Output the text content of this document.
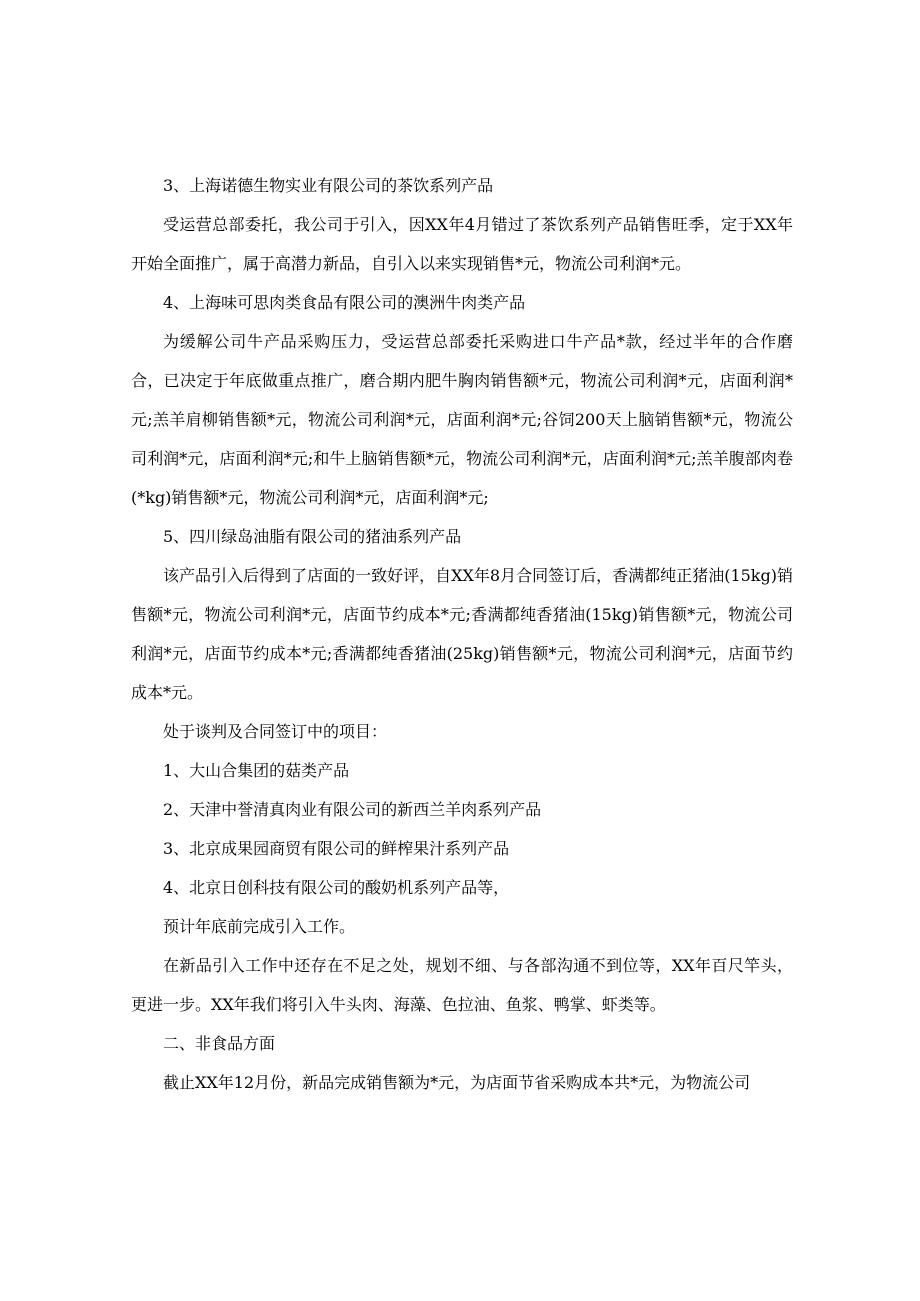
3、上海诺德生物实业有限公司的茶饮系列产品

受运营总部委托，我公司于引入，因XX年4月错过了茶饮系列产品销售旺季，定于XX年开始全面推广，属于高潜力新品，自引入以来实现销售*元，物流公司利润*元。

4、上海味可思肉类食品有限公司的澳洲牛肉类产品

为缓解公司牛产品采购压力，受运营总部委托采购进口牛产品*款，经过半年的合作磨合，已决定于年底做重点推广，磨合期内肥牛胸肉销售额*元，物流公司利润*元，店面利润*元;羔羊肩柳销售额*元，物流公司利润*元，店面利润*元;谷饲200天上脑销售额*元，物流公司利润*元，店面利润*元;和牛上脑销售额*元，物流公司利润*元，店面利润*元;羔羊腹部肉卷(*kg)销售额*元，物流公司利润*元，店面利润*元;

5、四川绿岛油脂有限公司的猪油系列产品

该产品引入后得到了店面的一致好评，自XX年8月合同签订后，香满都纯正猪油(15kg)销售额*元，物流公司利润*元，店面节约成本*元;香满都纯香猪油(15kg)销售额*元，物流公司利润*元，店面节约成本*元;香满都纯香猪油(25kg)销售额*元，物流公司利润*元，店面节约成本*元。

处于谈判及合同签订中的项目：

1、大山合集团的菇类产品

2、天津中誉清真肉业有限公司的新西兰羊肉系列产品

3、北京成果园商贸有限公司的鲜榨果汁系列产品

4、北京日创科技有限公司的酸奶机系列产品等，

预计年底前完成引入工作。

在新品引入工作中还存在不足之处，规划不细、与各部沟通不到位等，XX年百尺竿头，更进一步。XX年我们将引入牛头肉、海藻、色拉油、鱼浆、鸭掌、虾类等。

二、非食品方面

截止XX年12月份，新品完成销售额为*元，为店面节省采购成本共*元，为物流公司
